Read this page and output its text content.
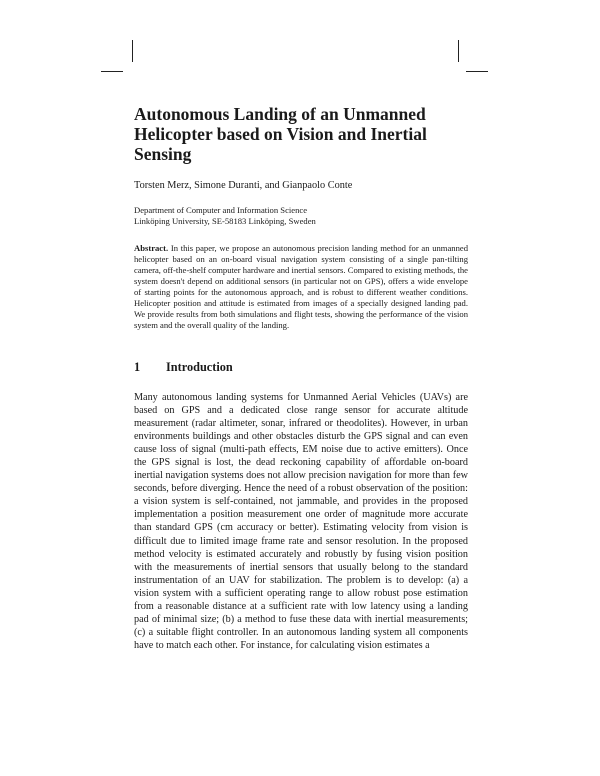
Autonomous Landing of an Unmanned Helicopter based on Vision and Inertial Sensing
Torsten Merz, Simone Duranti, and Gianpaolo Conte
Department of Computer and Information Science
Linköping University, SE-58183 Linköping, Sweden

Abstract. In this paper, we propose an autonomous precision landing method for an unmanned helicopter based on an on-board visual navigation system consisting of a single pan-tilting camera, off-the-shelf computer hardware and inertial sensors. Compared to existing methods, the system doesn't depend on additional sensors (in particular not on GPS), offers a wide envelope of starting points for the autonomous approach, and is robust to different weather conditions. Helicopter position and attitude is estimated from images of a specially designed landing pad. We provide results from both simulations and flight tests, showing the performance of the vision system and the overall quality of the landing.

1 Introduction

Many autonomous landing systems for Unmanned Aerial Vehicles (UAVs) are based on GPS and a dedicated close range sensor for accurate altitude measurement (radar altimeter, sonar, infrared or theodolites). However, in urban environments buildings and other obstacles disturb the GPS signal and can even cause loss of signal (multi-path effects, EM noise due to active emitters). Once the GPS signal is lost, the dead reckoning capability of affordable on-board inertial navigation systems does not allow precision navigation for more than few seconds, before diverging. Hence the need of a robust observation of the position: a vision system is self-contained, not jammable, and provides in the proposed implementation a position measurement one order of magnitude more accurate than standard GPS (cm accuracy or better). Estimating velocity from vision is difficult due to limited image frame rate and sensor resolution. In the proposed method velocity is estimated accurately and robustly by fusing vision position with the measurements of inertial sensors that usually belong to the standard instrumentation of an UAV for stabilization. The problem is to develop: (a) a vision system with a sufficient operating range to allow robust pose estimation from a reasonable distance at a sufficient rate with low latency using a landing pad of minimal size; (b) a method to fuse these data with inertial measurements; (c) a suitable flight controller. In an autonomous landing system all components have to match each other. For instance, for calculating vision estimates a
